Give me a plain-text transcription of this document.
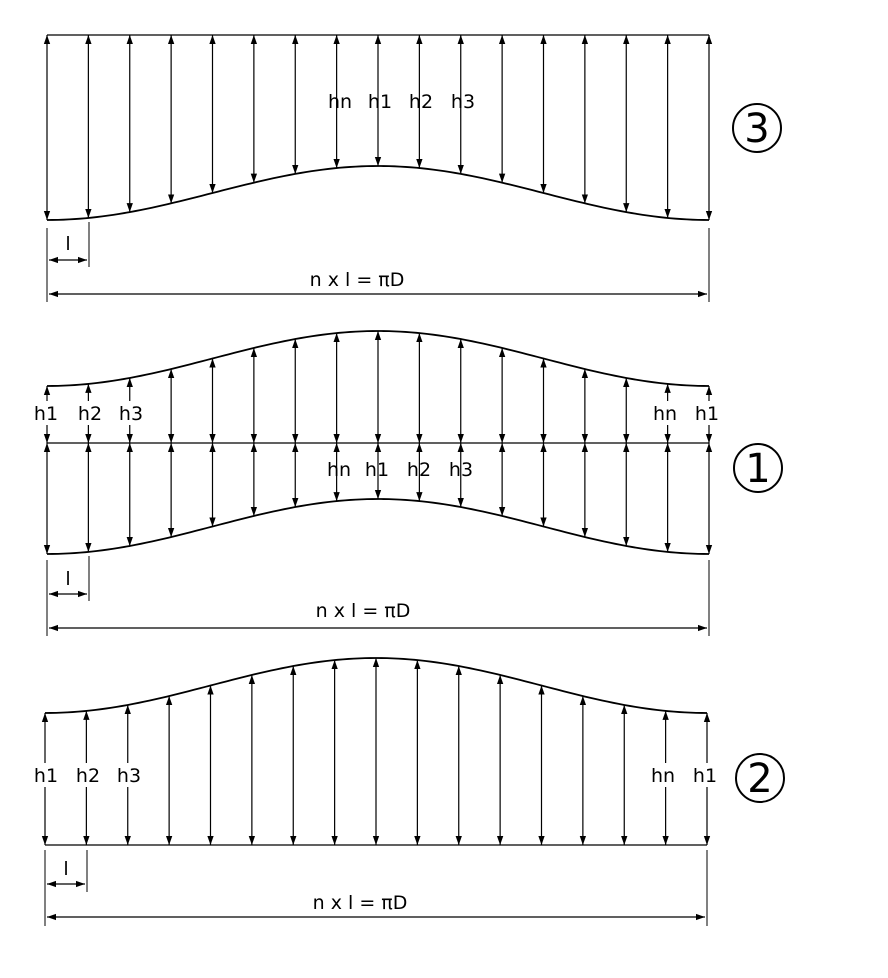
hn h1 h2 h3
l
n x l = πD
3
h1 h2 h3	hn h1
hn h1 h2 h3
l
n x l = πD
1
h1 h2 h3	hn h1
l
n x l = πD
2
